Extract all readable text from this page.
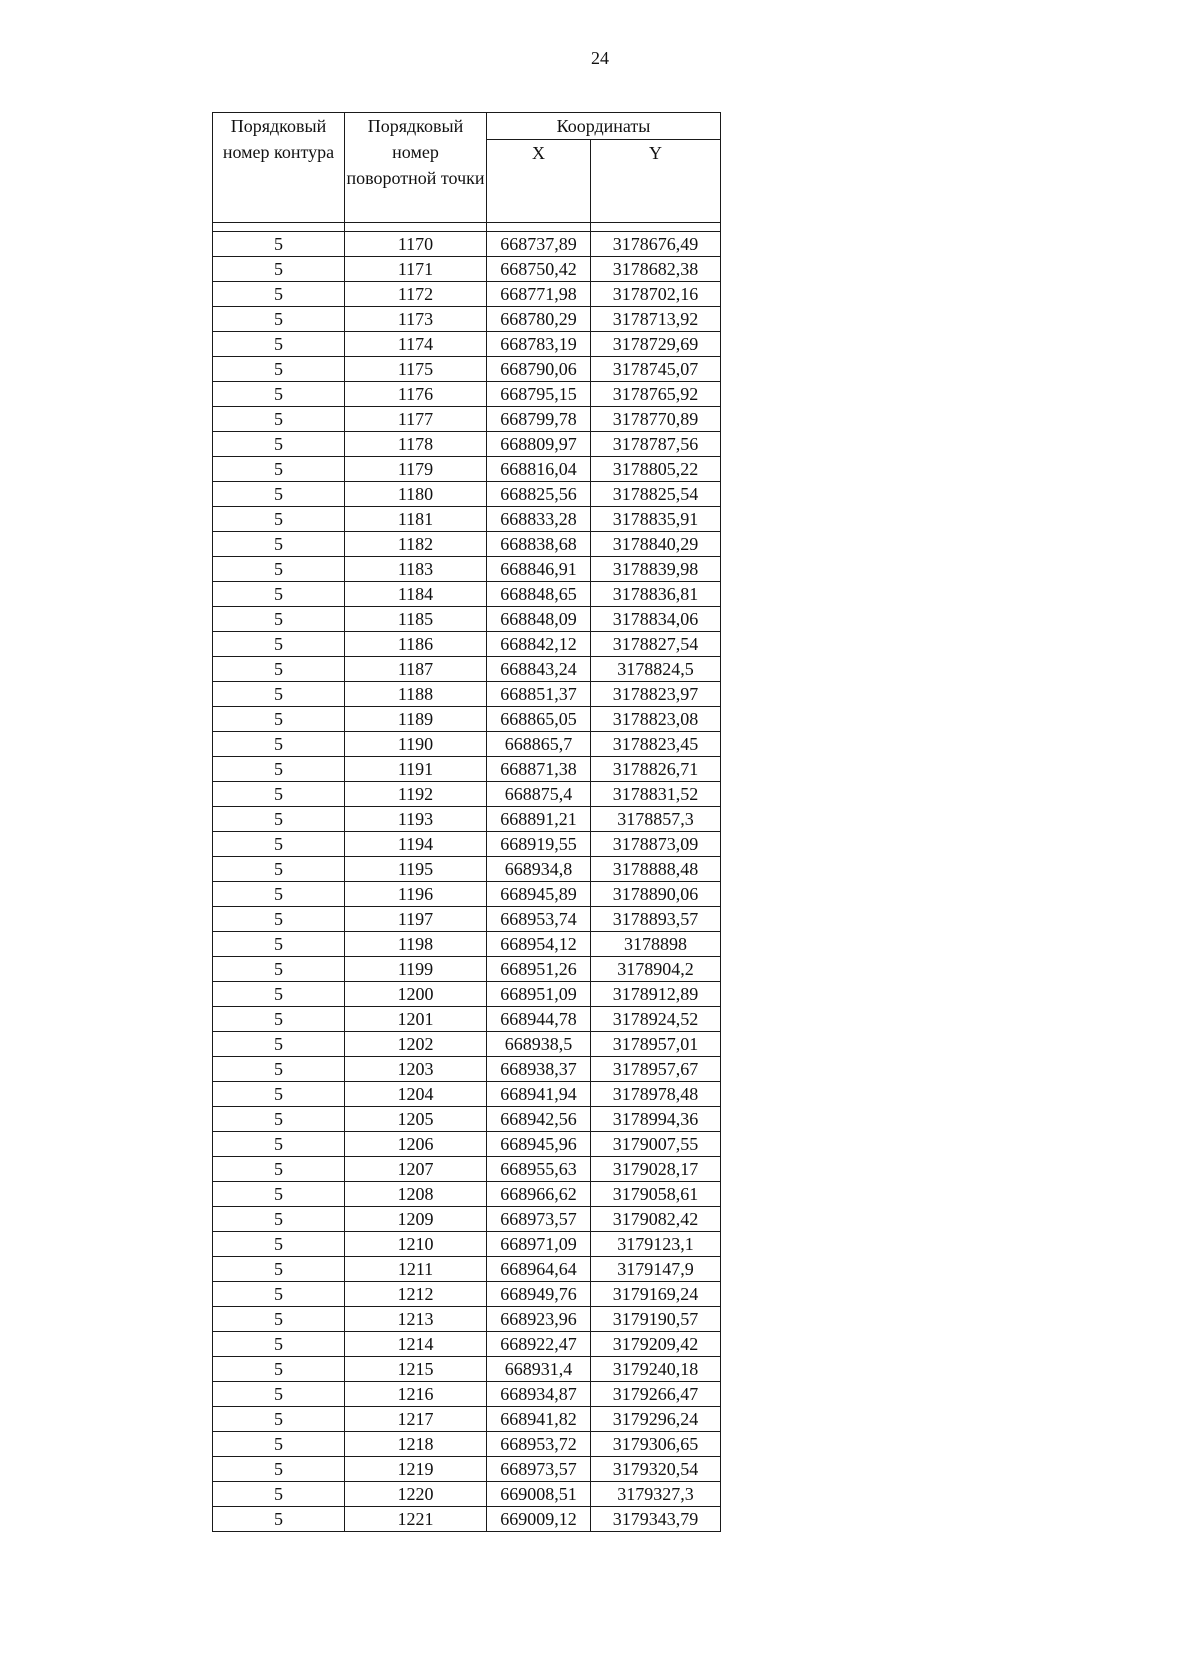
24
Порядковый номер контура	Порядковый номер поворотной точки	Координаты	
		X	Y

5	1170	668737,89	3178676,49
5	1171	668750,42	3178682,38
5	1172	668771,98	3178702,16
5	1173	668780,29	3178713,92
5	1174	668783,19	3178729,69
5	1175	668790,06	3178745,07
5	1176	668795,15	3178765,92
5	1177	668799,78	3178770,89
5	1178	668809,97	3178787,56
5	1179	668816,04	3178805,22
5	1180	668825,56	3178825,54
5	1181	668833,28	3178835,91
5	1182	668838,68	3178840,29
5	1183	668846,91	3178839,98
5	1184	668848,65	3178836,81
5	1185	668848,09	3178834,06
5	1186	668842,12	3178827,54
5	1187	668843,24	3178824,5
5	1188	668851,37	3178823,97
5	1189	668865,05	3178823,08
5	1190	668865,7	3178823,45
5	1191	668871,38	3178826,71
5	1192	668875,4	3178831,52
5	1193	668891,21	3178857,3
5	1194	668919,55	3178873,09
5	1195	668934,8	3178888,48
5	1196	668945,89	3178890,06
5	1197	668953,74	3178893,57
5	1198	668954,12	3178898
5	1199	668951,26	3178904,2
5	1200	668951,09	3178912,89
5	1201	668944,78	3178924,52
5	1202	668938,5	3178957,01
5	1203	668938,37	3178957,67
5	1204	668941,94	3178978,48
5	1205	668942,56	3178994,36
5	1206	668945,96	3179007,55
5	1207	668955,63	3179028,17
5	1208	668966,62	3179058,61
5	1209	668973,57	3179082,42
5	1210	668971,09	3179123,1
5	1211	668964,64	3179147,9
5	1212	668949,76	3179169,24
5	1213	668923,96	3179190,57
5	1214	668922,47	3179209,42
5	1215	668931,4	3179240,18
5	1216	668934,87	3179266,47
5	1217	668941,82	3179296,24
5	1218	668953,72	3179306,65
5	1219	668973,57	3179320,54
5	1220	669008,51	3179327,3
5	1221	669009,12	3179343,79
